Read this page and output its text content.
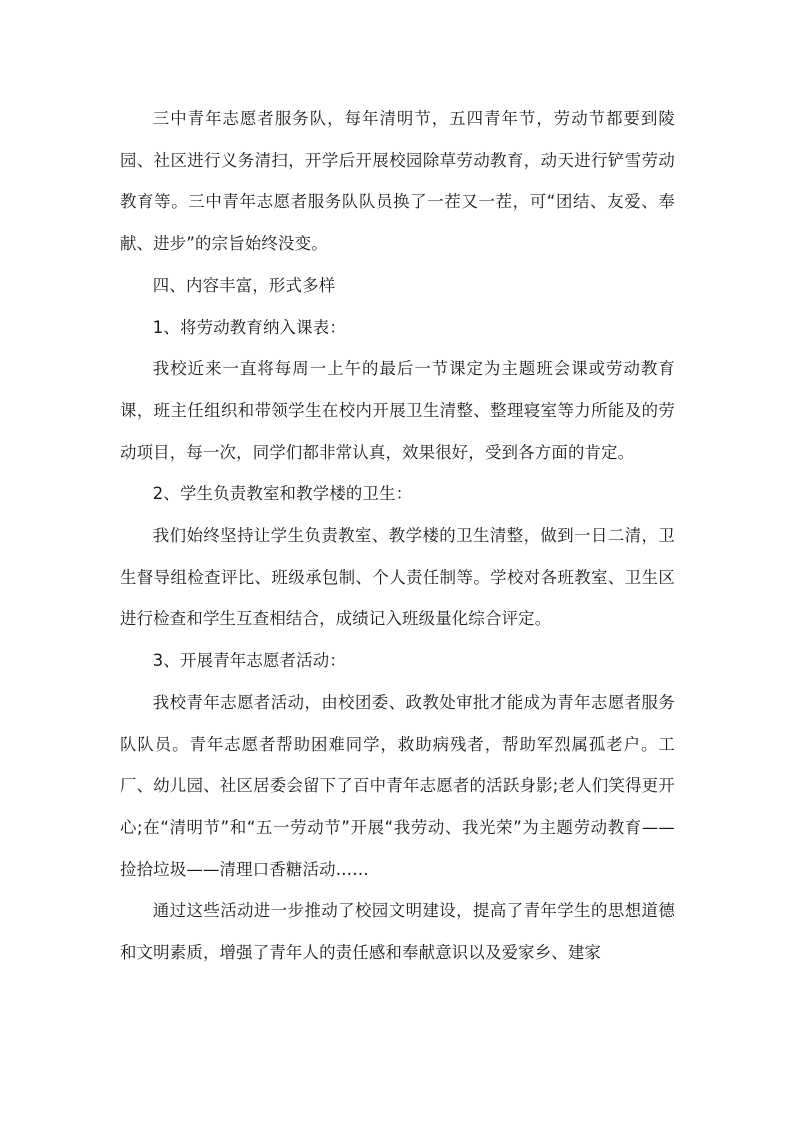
三中青年志愿者服务队，每年清明节，五四青年节，劳动节都要到陵园、社区进行义务清扫，开学后开展校园除草劳动教育，动天进行铲雪劳动教育等。三中青年志愿者服务队队员换了一茬又一茬，可“团结、友爱、奉献、进步”的宗旨始终没变。

四、内容丰富，形式多样

1、将劳动教育纳入课表：

我校近来一直将每周一上午的最后一节课定为主题班会课或劳动教育课，班主任组织和带领学生在校内开展卫生清整、整理寝室等力所能及的劳动项目，每一次，同学们都非常认真，效果很好，受到各方面的肯定。

2、学生负责教室和教学楼的卫生：

我们始终坚持让学生负责教室、教学楼的卫生清整，做到一日二清，卫生督导组检查评比、班级承包制、个人责任制等。学校对各班教室、卫生区进行检查和学生互查相结合，成绩记入班级量化综合评定。

3、开展青年志愿者活动：

我校青年志愿者活动，由校团委、政教处审批才能成为青年志愿者服务队队员。青年志愿者帮助困难同学，救助病残者，帮助军烈属孤老户。工厂、幼儿园、社区居委会留下了百中青年志愿者的活跃身影;老人们笑得更开心;在“清明节”和“五一劳动节”开展“我劳动、我光荣”为主题劳动教育——捡拾垃圾——清理口香糖活动……

通过这些活动进一步推动了校园文明建设，提高了青年学生的思想道德和文明素质，增强了青年人的责任感和奉献意识以及爱家乡、建家
